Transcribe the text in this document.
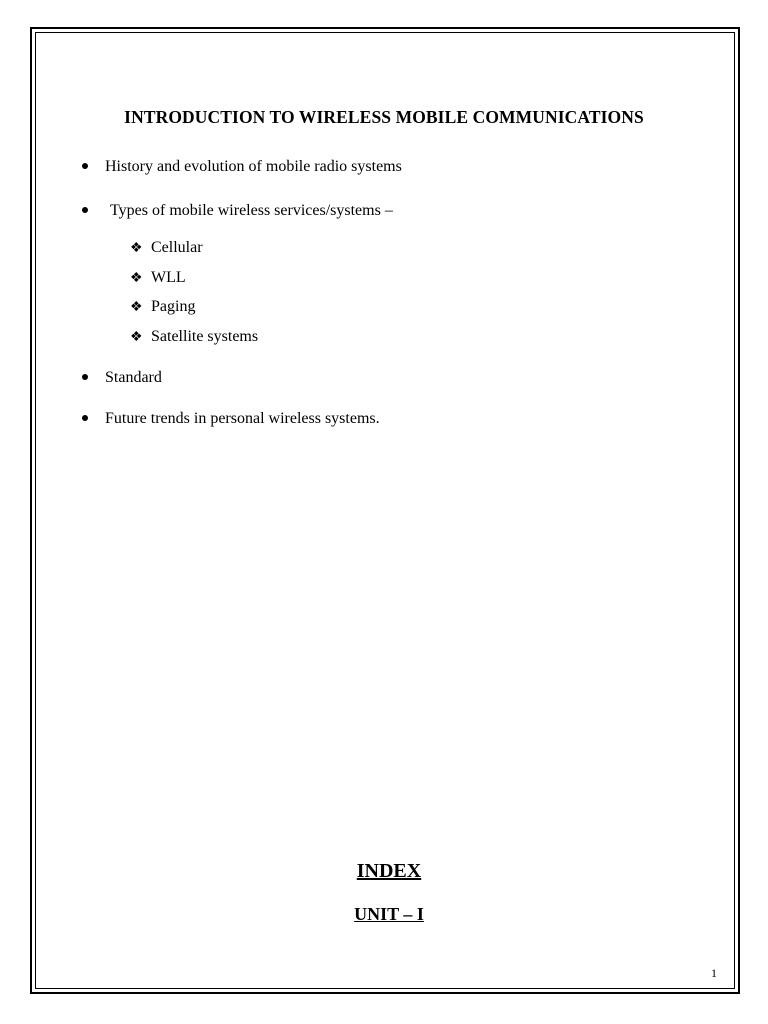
INTRODUCTION TO WIRELESS MOBILE COMMUNICATIONS
History and evolution of mobile radio systems
Types of mobile wireless services/systems –
❖ Cellular
❖ WLL
❖ Paging
❖ Satellite systems
Standard
Future trends in personal wireless systems.
INDEX
UNIT – I
1
